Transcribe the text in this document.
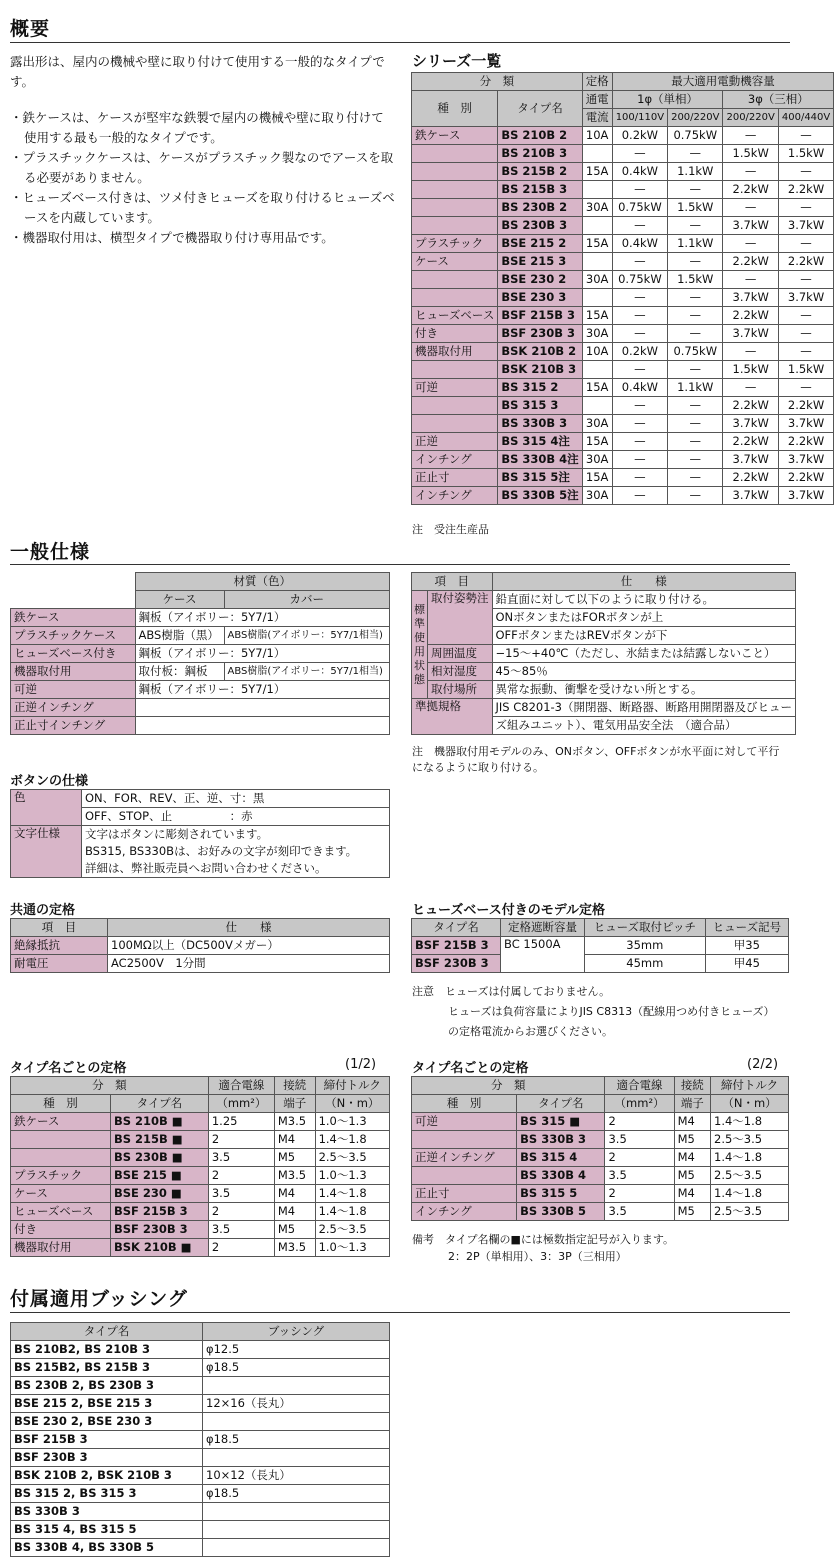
概要

露出形は、屋内の機械や壁に取り付けて使用する一般的なタイプです。

・鉄ケースは、ケースが堅牢な鉄製で屋内の機械や壁に取り付けて使用する最も一般的なタイプです。
・プラスチックケースは、ケースがプラスチック製なのでアースを取る必要がありません。
・ヒューズベース付きは、ツメ付きヒューズを取り付けるヒューズベースを内蔵しています。
・機器取付用は、横型タイプで機器取り付け専用品です。
シリーズ一覧
分　類		定格	最大適用電動機容量			
種　別	タイプ名	通電	1φ（単相）		3φ（三相）	
		電流	100/110V	200/220V	200/220V	400/440V
鉄ケース	BS 210B 2	10A	0.2kW	0.75kW	—	—
	BS 210B 3		—	—	1.5kW	1.5kW
	BS 215B 2	15A	0.4kW	1.1kW	—	—
	BS 215B 3		—	—	2.2kW	2.2kW
	BS 230B 2	30A	0.75kW	1.5kW	—	—
	BS 230B 3		—	—	3.7kW	3.7kW
プラスチック	BSE 215 2	15A	0.4kW	1.1kW	—	—
ケース	BSE 215 3		—	—	2.2kW	2.2kW
	BSE 230 2	30A	0.75kW	1.5kW	—	—
	BSE 230 3		—	—	3.7kW	3.7kW
ヒューズベース	BSF 215B 3	15A	—	—	2.2kW	—
付き	BSF 230B 3	30A	—	—	3.7kW	—
機器取付用	BSK 210B 2	10A	0.2kW	0.75kW	—	—
	BSK 210B 3		—	—	1.5kW	1.5kW
可逆	BS 315 2	15A	0.4kW	1.1kW	—	—
	BS 315 3		—	—	2.2kW	2.2kW
	BS 330B 3	30A	—	—	3.7kW	3.7kW
正逆	BS 315 4注	15A	—	—	2.2kW	2.2kW
インチング	BS 330B 4注	30A	—	—	3.7kW	3.7kW
正止寸	BS 315 5注	15A	—	—	2.2kW	2.2kW
インチング	BS 330B 5注	30A	—	—	3.7kW	3.7kW
注　受注生産品
一般仕様
	材質（色）	
	ケース	カバー
鉄ケース	鋼板（アイボリー：5Y7/1）	
プラスチックケース	ABS樹脂（黒）	ABS樹脂(アイボリー：5Y7/1相当)
ヒューズベース付き	鋼板（アイボリー：5Y7/1）	
機器取付用	取付板：鋼板	ABS樹脂(アイボリー：5Y7/1相当)
可逆	鋼板（アイボリー：5Y7/1）	
正逆インチング		
正止寸インチング		
項　目		仕　　様
標準使用状態	取付姿勢注	鉛直面に対して以下のように取り付ける。
		ONボタンまたはFORボタンが上
		OFFボタンまたはREVボタンが下
	周囲温度	−15〜+40℃（ただし、氷結または結露しないこと）
	相対湿度	45〜85％
	取付場所	異常な振動、衝撃を受けない所とする。
準拠規格		JIS C8201-3（開閉器、断路器、断路用開閉器及びヒュー
		ズ組みユニット）、電気用品安全法　（適合品）
注　機器取付用モデルのみ、ONボタン、OFFボタンが水平面に対して平行になるように取り付ける。
ボタンの仕様
色	ON、FOR、REV、正、逆、寸：黒
	OFF、STOP、止　　　　　：赤
文字仕様	文字はボタンに彫刻されています。
	BS315, BS330Bは、お好みの文字が刻印できます。
	詳細は、弊社販売員へお問い合わせください。
共通の定格
項　目	仕　　様
絶縁抵抗	100MΩ以上（DC500Vメガー）
耐電圧	AC2500V　1分間
ヒューズベース付きのモデル定格
タイプ名	定格遮断容量	ヒューズ取付ピッチ	ヒューズ記号
BSF 215B 3	BC 1500A	35mm	甲35
BSF 230B 3		45mm	甲45
注意　ヒューズは付属しておりません。
ヒューズは負荷容量によりJIS C8313（配線用つめ付きヒューズ）
の定格電流からお選びください。
タイプ名ごとの定格	(1/2)
分　類		適合電線	接続	締付トルク
種　別	タイプ名	（mm²）	端子	（N・m）
鉄ケース	BS 210B ■	1.25	M3.5	1.0〜1.3
	BS 215B ■	2	M4	1.4〜1.8
	BS 230B ■	3.5	M5	2.5〜3.5
プラスチック	BSE 215 ■	2	M3.5	1.0〜1.3
ケース	BSE 230 ■	3.5	M4	1.4〜1.8
ヒューズベース	BSF 215B 3	2	M4	1.4〜1.8
付き	BSF 230B 3	3.5	M5	2.5〜3.5
機器取付用	BSK 210B ■	2	M3.5	1.0〜1.3
タイプ名ごとの定格	(2/2)
分　類		適合電線	接続	締付トルク
種　別	タイプ名	（mm²）	端子	（N・m）
可逆	BS 315 ■	2	M4	1.4〜1.8
	BS 330B 3	3.5	M5	2.5〜3.5
正逆インチング	BS 315 4	2	M4	1.4〜1.8
	BS 330B 4	3.5	M5	2.5〜3.5
正止寸	BS 315 5	2	M4	1.4〜1.8
インチング	BS 330B 5	3.5	M5	2.5〜3.5
備考　タイプ名欄の■には極数指定記号が入ります。
2：2P（単相用）、3：3P（三相用）
付属適用ブッシング
タイプ名	ブッシング
BS 210B2, BS 210B 3	φ12.5
BS 215B2, BS 215B 3	φ18.5
BS 230B 2, BS 230B 3	
BSE 215 2, BSE 215 3	12×16（長丸）
BSE 230 2, BSE 230 3	
BSF 215B 3	φ18.5
BSF 230B 3	
BSK 210B 2, BSK 210B 3	10×12（長丸）
BS 315 2, BS 315 3	φ18.5
BS 330B 3	
BS 315 4, BS 315 5	
BS 330B 4, BS 330B 5	
